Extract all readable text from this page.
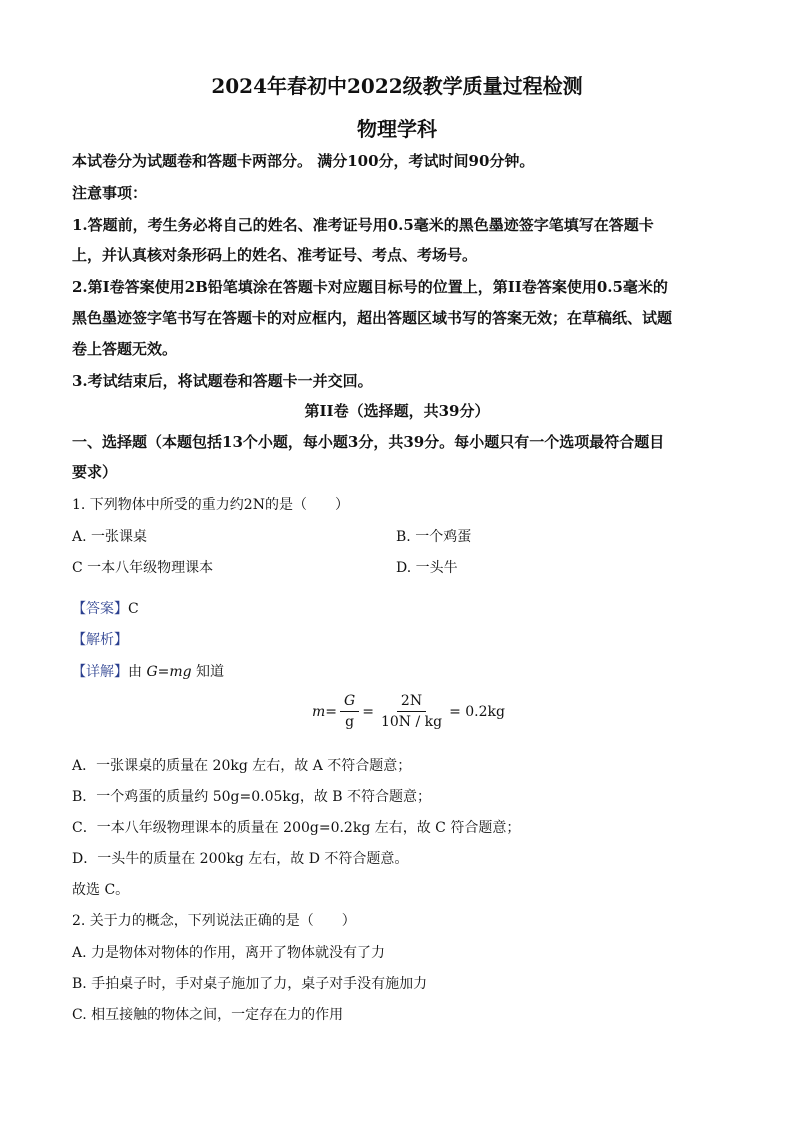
2024年春初中2022级教学质量过程检测
物理学科
本试卷分为试题卷和答题卡两部分。 满分100分，考试时间90分钟。
注意事项：
1.答题前，考生务必将自己的姓名、准考证号用0.5毫米的黑色墨迹签字笔填写在答题卡
上，并认真核对条形码上的姓名、准考证号、考点、考场号。
2.第I卷答案使用2B铅笔填涂在答题卡对应题目标号的位置上，第II卷答案使用0.5毫米的
黑色墨迹签字笔书写在答题卡的对应框内，超出答题区域书写的答案无效；在草稿纸、试题
卷上答题无效。
3.考试结束后，将试题卷和答题卡一并交回。
第II卷（选择题，共39分）
一、选择题（本题包括13个小题，每小题3分，共39分。每小题只有一个选项最符合题目
要求）
1. 下列物体中所受的重力约2N的是（　　）
A. 一张课桌	B. 一个鸡蛋
C 一本八年级物理课本	D. 一头牛
【答案】C
【解析】
【详解】由 G=mg 知道
$m = \frac{G}{g} = \frac{2N}{10N / kg} = 0.2kg$
A．一张课桌的质量在 20kg 左右，故 A 不符合题意；
B．一个鸡蛋的质量约 50g=0.05kg，故 B 不符合题意；
C．一本八年级物理课本的质量在 200g=0.2kg 左右，故 C 符合题意；
D．一头牛的质量在 200kg 左右，故 D 不符合题意。
故选 C。
2. 关于力的概念，下列说法正确的是（　　）
A. 力是物体对物体的作用，离开了物体就没有了力
B. 手拍桌子时，手对桌子施加了力，桌子对手没有施加力
C. 相互接触的物体之间，一定存在力的作用
